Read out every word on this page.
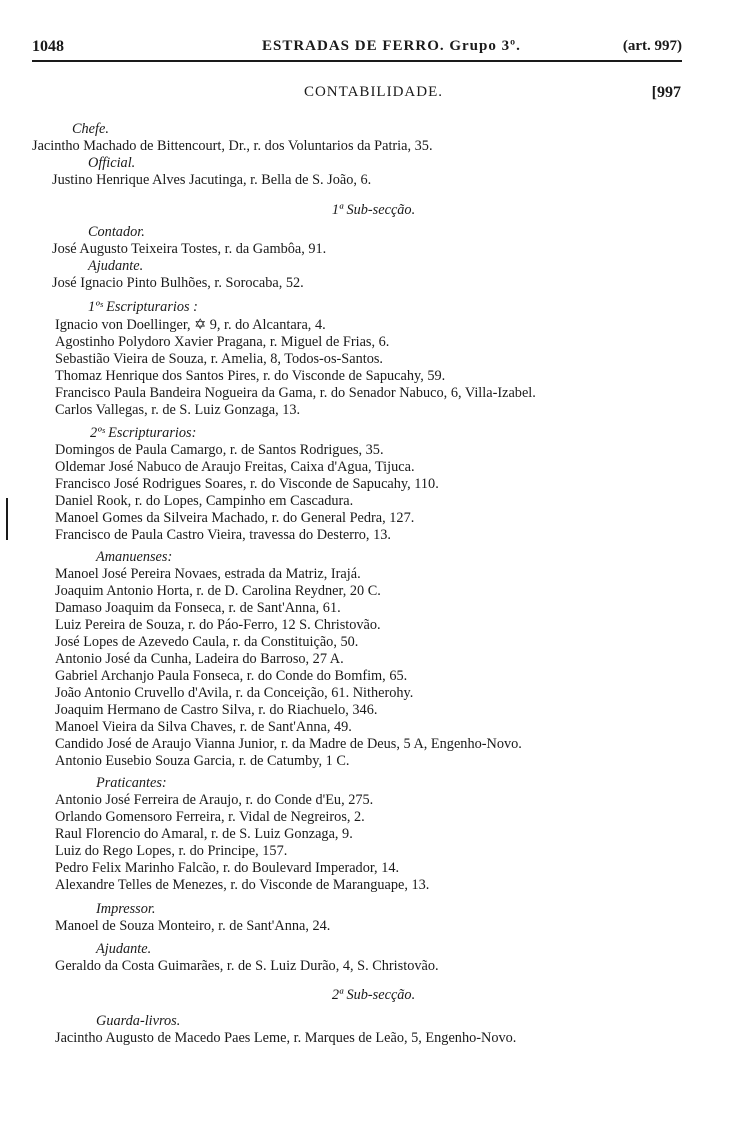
1048	ESTRADAS DE FERRO. Grupo 3º.	(art. 997)
CONTABILIDADE.	[997
Chefe.
Jacintho Machado de Bittencourt, Dr., r. dos Voluntarios da Patria, 35.
Official.
Justino Henrique Alves Jacutinga, r. Bella de S. João, 6.
1ª Sub-secção.
Contador.
José Augusto Teixeira Tostes, r. da Gambôa, 91.
Ajudante.
José Ignacio Pinto Bulhões, r. Sorocaba, 52.
1ºˢ Escripturarios :
Ignacio von Doellinger, ✡ 9, r. do Alcantara, 4.
Agostinho Polydoro Xavier Pragana, r. Miguel de Frias, 6.
Sebastião Vieira de Souza, r. Amelia, 8, Todos-os-Santos.
Thomaz Henrique dos Santos Pires, r. do Visconde de Sapucahy, 59.
Francisco Paula Bandeira Nogueira da Gama, r. do Senador Nabuco, 6, Villa-Izabel.
Carlos Vallegas, r. de S. Luiz Gonzaga, 13.
2ºˢ Escripturarios:
Domingos de Paula Camargo, r. de Santos Rodrigues, 35.
Oldemar José Nabuco de Araujo Freitas, Caixa d'Agua, Tijuca.
Francisco José Rodrigues Soares, r. do Visconde de Sapucahy, 110.
Daniel Rook, r. do Lopes, Campinho em Cascadura.
Manoel Gomes da Silveira Machado, r. do General Pedra, 127.
Francisco de Paula Castro Vieira, travessa do Desterro, 13.
Amanuenses:
Manoel José Pereira Novaes, estrada da Matriz, Irajá.
Joaquim Antonio Horta, r. de D. Carolina Reydner, 20 C.
Damaso Joaquim da Fonseca, r. de Sant'Anna, 61.
Luiz Pereira de Souza, r. do Páo-Ferro, 12 S. Christovão.
José Lopes de Azevedo Caula, r. da Constituição, 50.
Antonio José da Cunha, Ladeira do Barroso, 27 A.
Gabriel Archanjo Paula Fonseca, r. do Conde do Bomfim, 65.
João Antonio Cruvello d'Avila, r. da Conceição, 61. Nitherohy.
Joaquim Hermano de Castro Silva, r. do Riachuelo, 346.
Manoel Vieira da Silva Chaves, r. de Sant'Anna, 49.
Candido José de Araujo Vianna Junior, r. da Madre de Deus, 5 A, Engenho-Novo.
Antonio Eusebio Souza Garcia, r. de Catumby, 1 C.
Praticantes:
Antonio José Ferreira de Araujo, r. do Conde d'Eu, 275.
Orlando Gomensoro Ferreira, r. Vidal de Negreiros, 2.
Raul Florencio do Amaral, r. de S. Luiz Gonzaga, 9.
Luiz do Rego Lopes, r. do Principe, 157.
Pedro Felix Marinho Falcão, r. do Boulevard Imperador, 14.
Alexandre Telles de Menezes, r. do Visconde de Maranguape, 13.
Impressor.
Manoel de Souza Monteiro, r. de Sant'Anna, 24.
Ajudante.
Geraldo da Costa Guimarães, r. de S. Luiz Durão, 4, S. Christovão.
2ª Sub-secção.
Guarda-livros.
Jacintho Augusto de Macedo Paes Leme, r. Marques de Leão, 5, Engenho-Novo.
